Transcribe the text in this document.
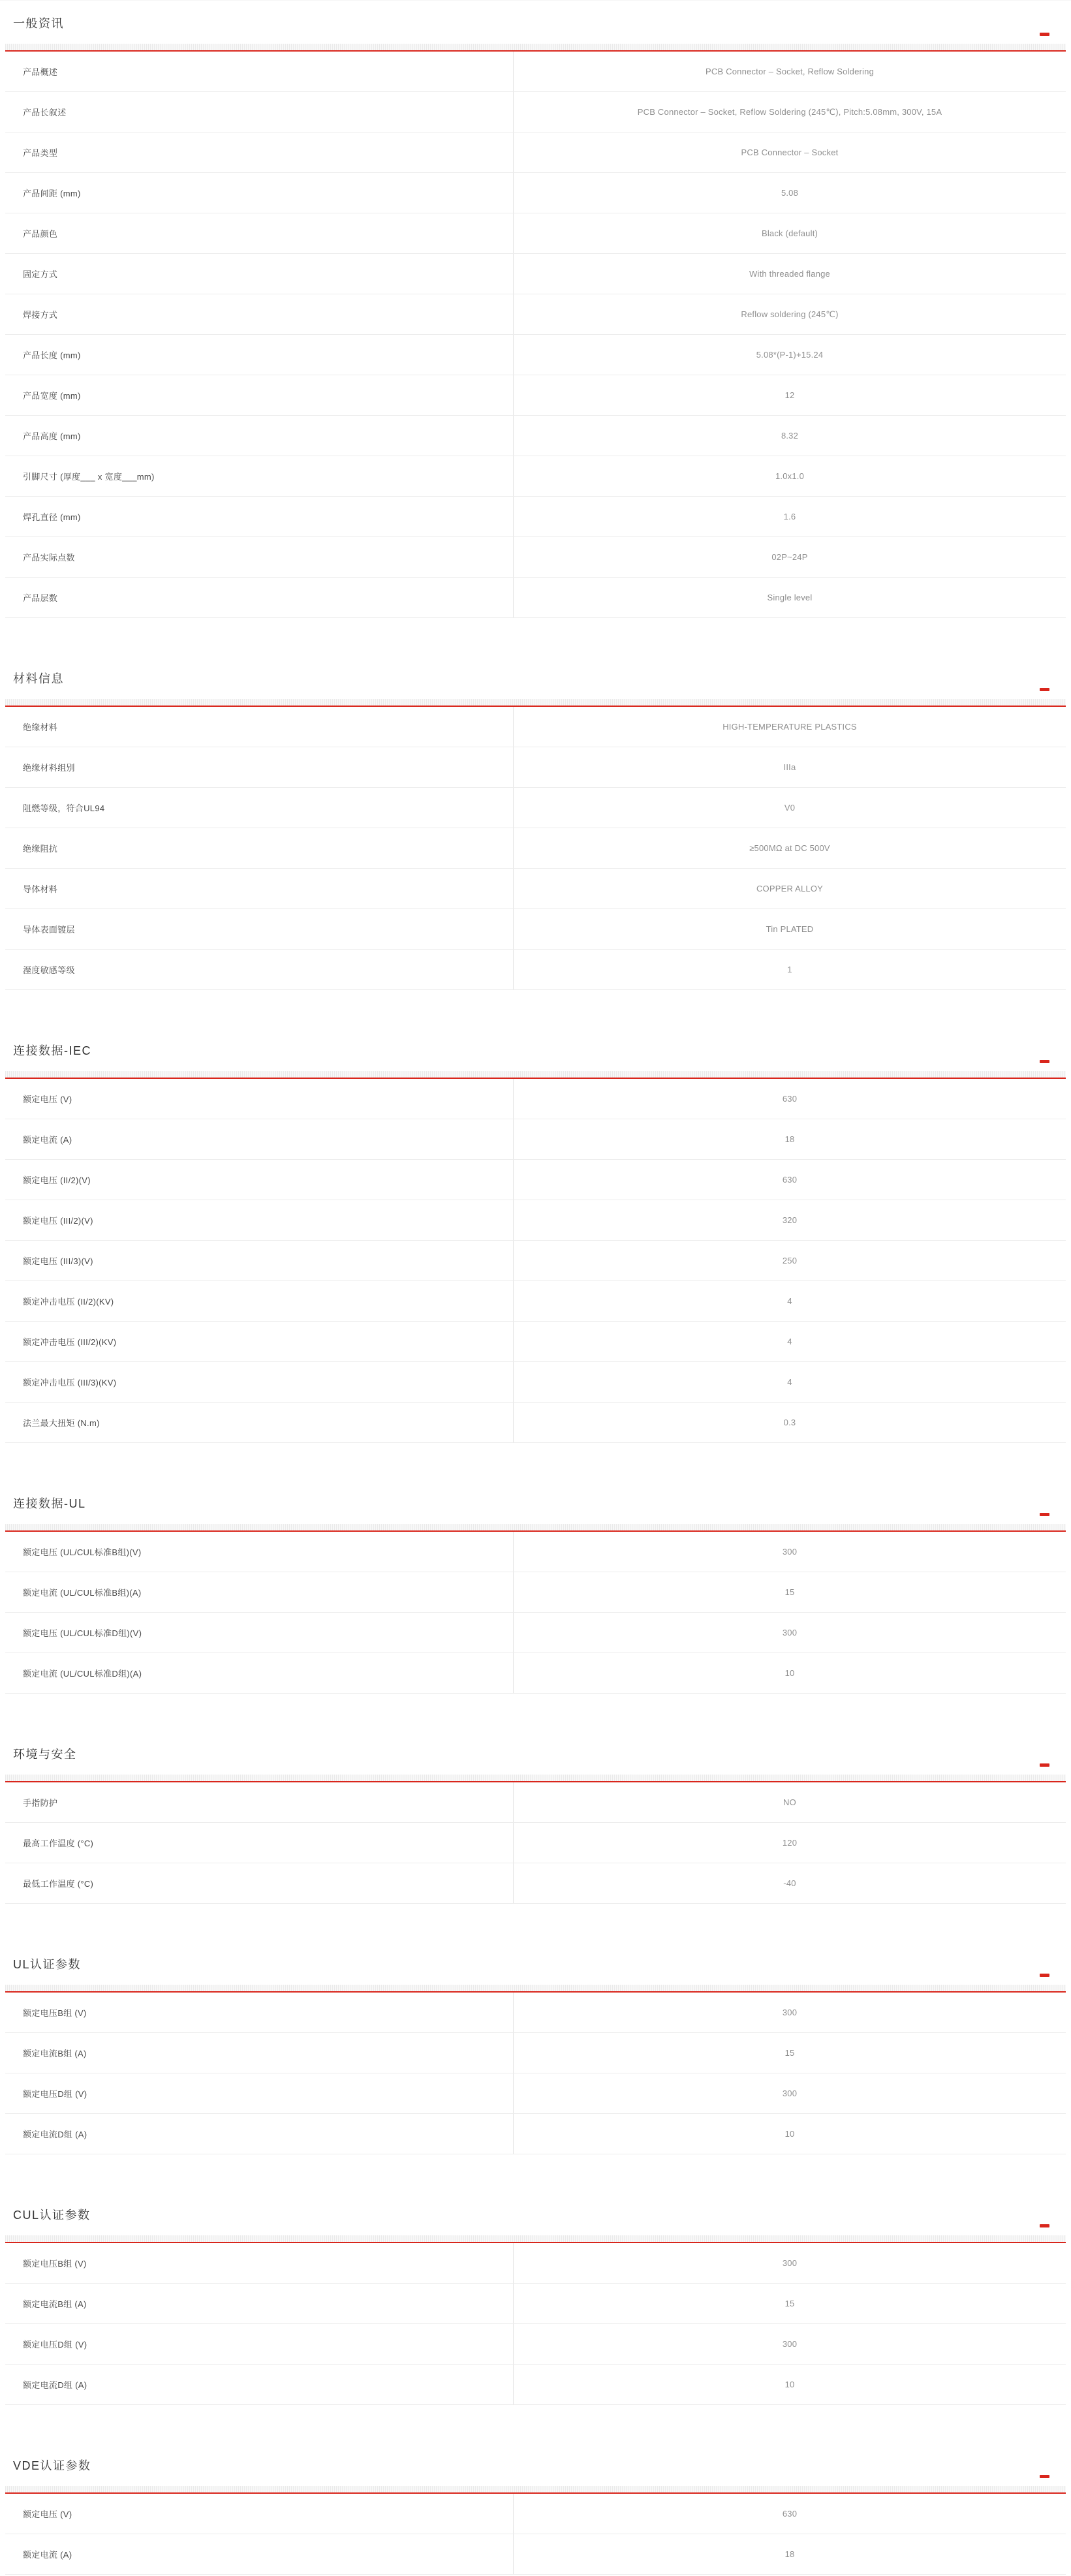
一般资讯
产品概述	PCB Connector – Socket, Reflow Soldering
产品长叙述	PCB Connector – Socket, Reflow Soldering (245℃), Pitch:5.08mm, 300V, 15A
产品类型	PCB Connector – Socket
产品间距 (mm)	5.08
产品颜色	Black (default)
固定方式	With threaded flange
焊接方式	Reflow soldering (245℃)
产品长度 (mm)	5.08*(P-1)+15.24
产品宽度 (mm)	12
产品高度 (mm)	8.32
引脚尺寸 (厚度___ x 宽度___mm)	1.0x1.0
焊孔直径 (mm)	1.6
产品实际点数	02P~24P
产品层数	Single level
材料信息
绝缘材料	HIGH-TEMPERATURE PLASTICS
绝缘材料组别	IIIa
阻燃等级，符合UL94	V0
绝缘阻抗	≥500MΩ at DC 500V
导体材料	COPPER ALLOY
导体表面镀层	Tin PLATED
溼度敏感等级	1
连接数据-IEC
额定电压 (V)	630
额定电流 (A)	18
额定电压 (II/2)(V)	630
额定电压 (III/2)(V)	320
额定电压 (III/3)(V)	250
额定冲击电压 (II/2)(KV)	4
额定冲击电压 (III/2)(KV)	4
额定冲击电压 (III/3)(KV)	4
法兰最大扭矩 (N.m)	0.3
连接数据-UL
额定电压 (UL/CUL标准B组)(V)	300
额定电流 (UL/CUL标准B组)(A)	15
额定电压 (UL/CUL标准D组)(V)	300
额定电流 (UL/CUL标准D组)(A)	10
环境与安全
手指防护	NO
最高工作温度 (°C)	120
最低工作温度 (°C)	-40
UL认证参数
额定电压B组 (V)	300
额定电流B组 (A)	15
额定电压D组 (V)	300
额定电流D组 (A)	10
CUL认证参数
额定电压B组 (V)	300
额定电流B组 (A)	15
额定电压D组 (V)	300
额定电流D组 (A)	10
VDE认证参数
额定电压 (V)	630
额定电流 (A)	18
